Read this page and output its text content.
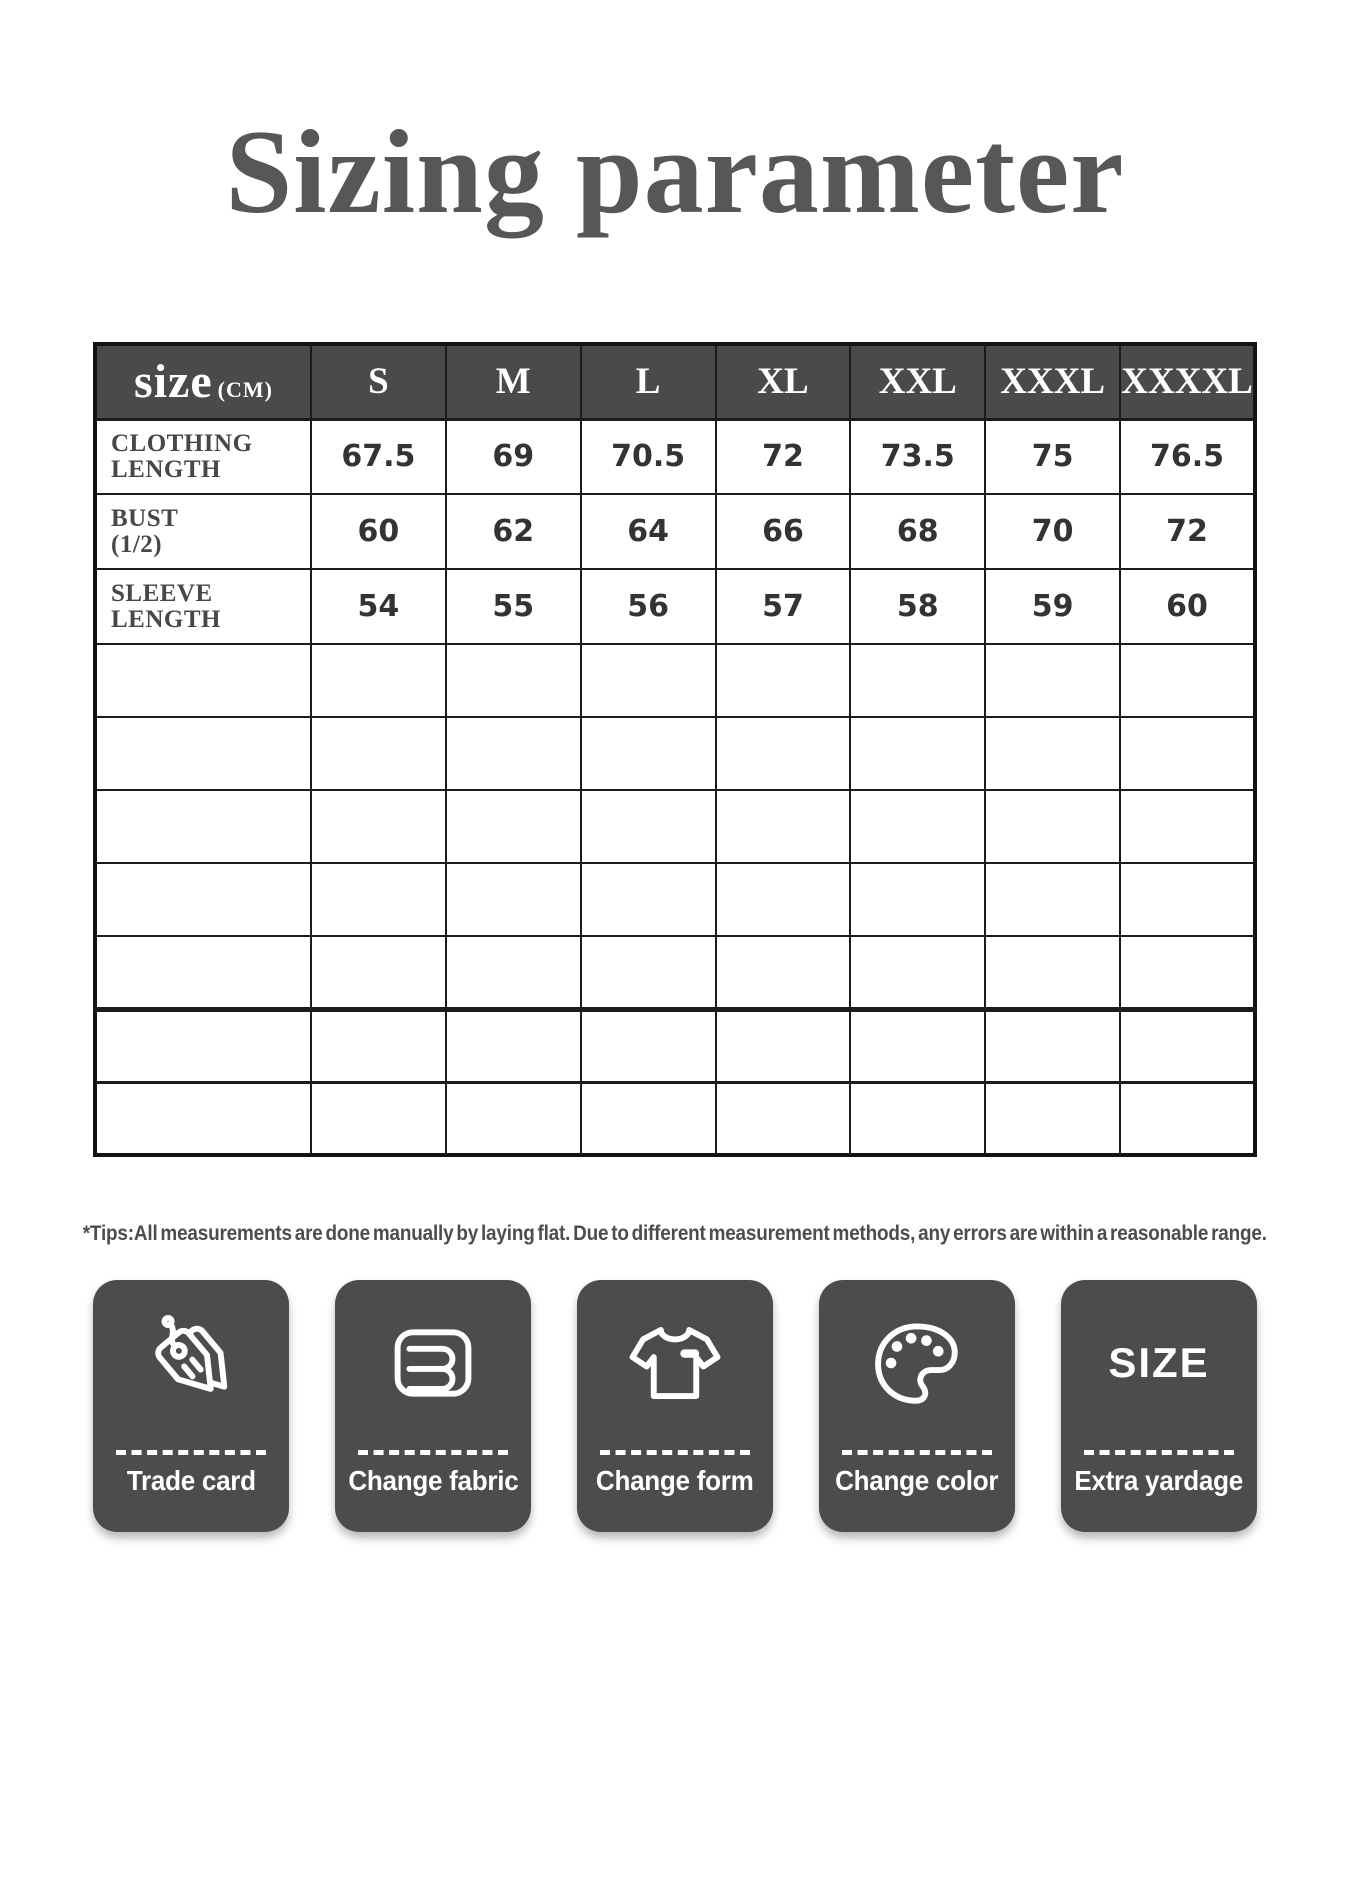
Sizing parameter
size (CM)	S	M	L	XL	XXL	XXXL	XXXXL

CLOTHING
LENGTH	67.5	69	70.5	72	73.5	75	76.5

BUST
(1/2)	60	62	64	66	68	70	72

SLEEVE
LENGTH	54	55	56	57	58	59	60

*Tips:All measurements are done manually by laying flat. Due to different measurement methods, any errors are within a reasonable range.
Trade card	Change fabric	Change form	Change color
SIZE
Extra yardage
